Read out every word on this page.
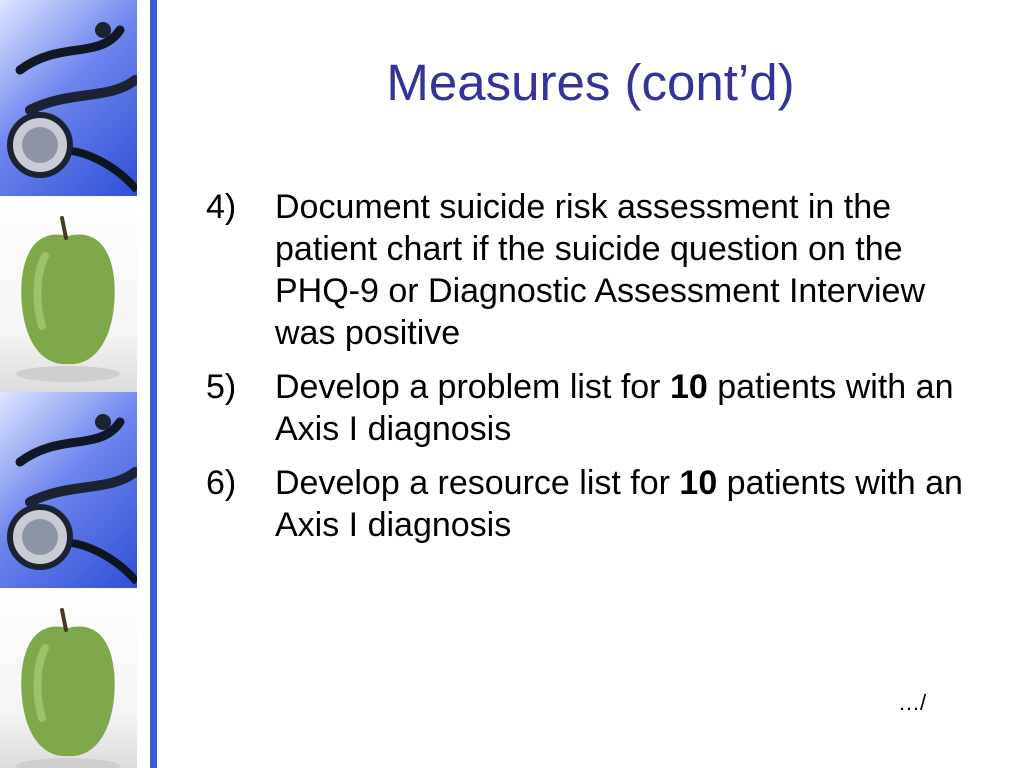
Measures (cont’d)
4)	Document suicide risk assessment in the patient chart if the suicide question on the PHQ-9 or Diagnostic Assessment Interview was positive
5)	Develop a problem list for 10 patients with an Axis I diagnosis
6)	Develop a resource list for 10 patients with an Axis I diagnosis
…/
